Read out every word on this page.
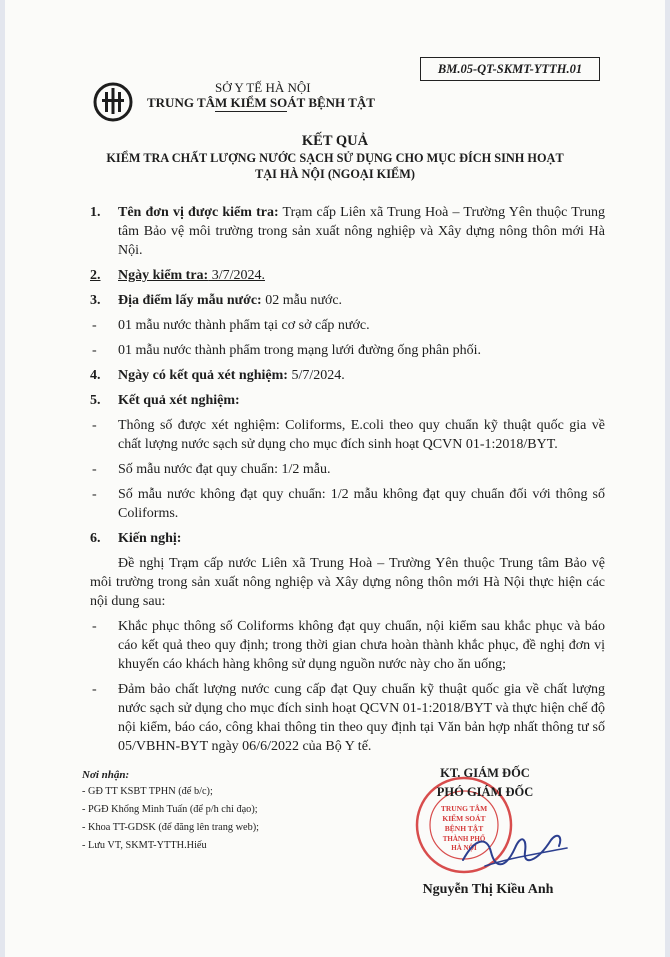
BM.05-QT-SKMT-YTTH.01
SỞ Y TẾ HÀ NỘI
TRUNG TÂM KIỂM SOÁT BỆNH TẬT
KẾT QUẢ
KIỂM TRA CHẤT LƯỢNG NƯỚC SẠCH SỬ DỤNG CHO MỤC ĐÍCH SINH HOẠT
TẠI HÀ NỘI (NGOẠI KIỂM)
1. Tên đơn vị được kiểm tra: Trạm cấp Liên xã Trung Hoà – Trường Yên thuộc Trung tâm Bảo vệ môi trường trong sản xuất nông nghiệp và Xây dựng nông thôn mới Hà Nội.
2. Ngày kiểm tra: 3/7/2024.
3. Địa điểm lấy mẫu nước: 02 mẫu nước.
- 01 mẫu nước thành phẩm tại cơ sở cấp nước.
- 01 mẫu nước thành phẩm trong mạng lưới đường ống phân phối.
4. Ngày có kết quả xét nghiệm: 5/7/2024.
5. Kết quả xét nghiệm:
- Thông số được xét nghiệm: Coliforms, E.coli theo quy chuẩn kỹ thuật quốc gia về chất lượng nước sạch sử dụng cho mục đích sinh hoạt QCVN 01-1:2018/BYT.
- Số mẫu nước đạt quy chuẩn: 1/2 mẫu.
- Số mẫu nước không đạt quy chuẩn: 1/2 mẫu không đạt quy chuẩn đối với thông số Coliforms.
6. Kiến nghị:
Đề nghị Trạm cấp nước Liên xã Trung Hoà – Trường Yên thuộc Trung tâm Bảo vệ môi trường trong sản xuất nông nghiệp và Xây dựng nông thôn mới Hà Nội thực hiện các nội dung sau:
- Khắc phục thông số Coliforms không đạt quy chuẩn, nội kiểm sau khắc phục và báo cáo kết quả theo quy định; trong thời gian chưa hoàn thành khắc phục, đề nghị đơn vị khuyến cáo khách hàng không sử dụng nguồn nước này cho ăn uống;
- Đảm bảo chất lượng nước cung cấp đạt Quy chuẩn kỹ thuật quốc gia về chất lượng nước sạch sử dụng cho mục đích sinh hoạt QCVN 01-1:2018/BYT và thực hiện chế độ nội kiểm, báo cáo, công khai thông tin theo quy định tại Văn bản hợp nhất thông tư số 05/VBHN-BYT ngày 06/6/2022 của Bộ Y tế.
Nơi nhận:
- GĐ TT KSBT TPHN (để b/c);
- PGĐ Khổng Minh Tuấn (để p/h chỉ đạo);
- Khoa TT-GDSK (để đăng lên trang web);
- Lưu VT, SKMT-YTTH.Hiếu
TRUNG TÂM
KIỂM SOÁT
BỆNH TẬT
THÀNH PHỐ
HÀ NỘI
KT. GIÁM ĐỐC
PHÓ GIÁM ĐỐC
Nguyễn Thị Kiều Anh
